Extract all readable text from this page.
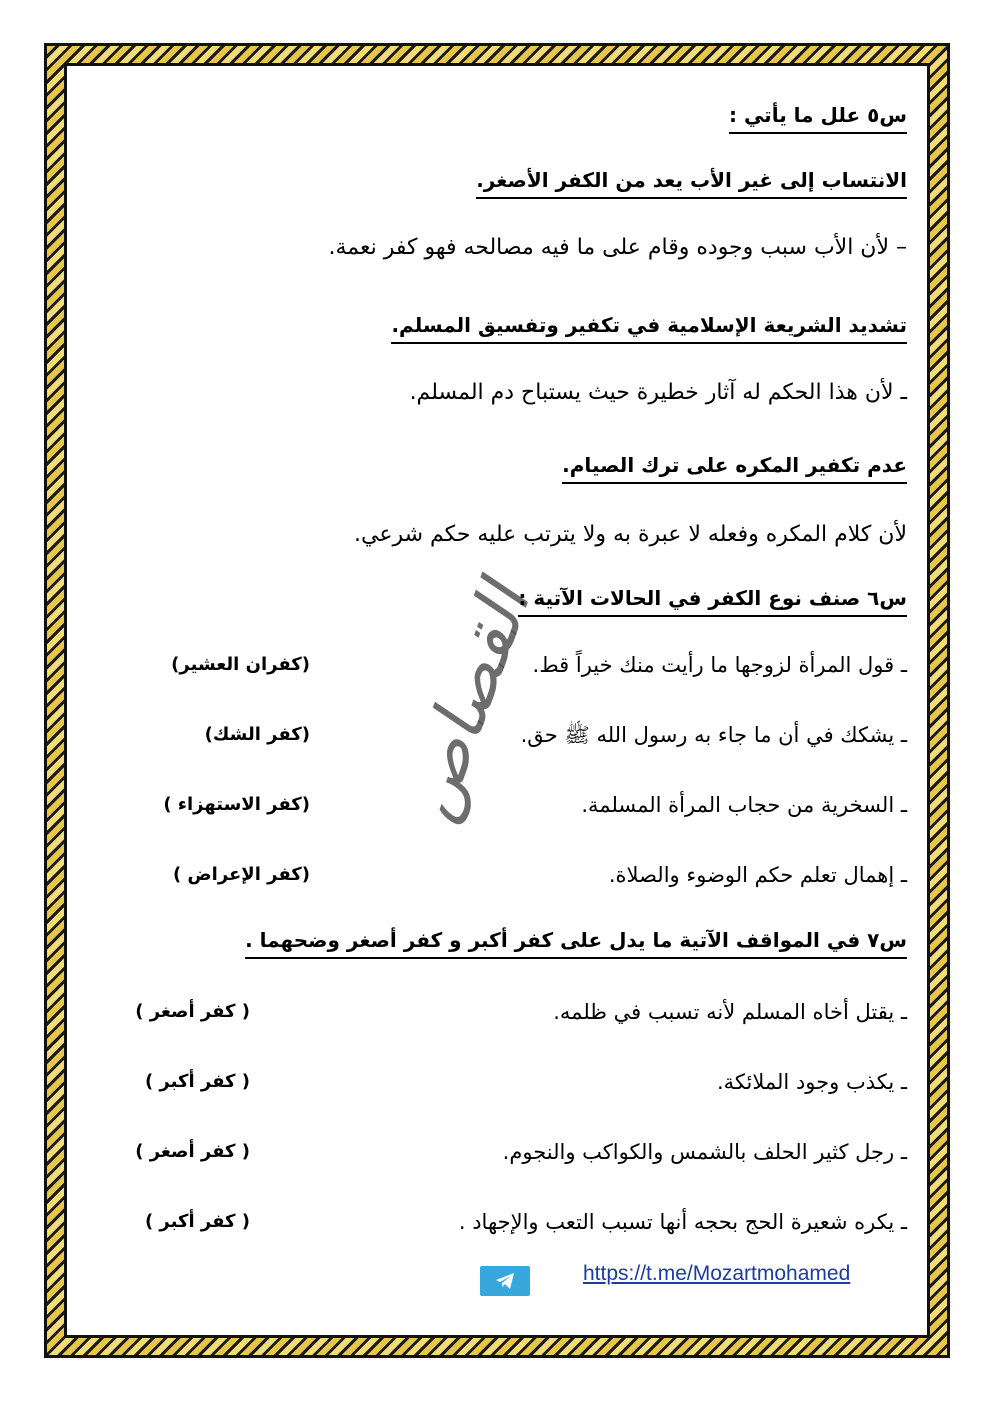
القصاص
س٥ علل ما يأتي :
الانتساب إلى غير الأب يعد من الكفر الأصغر.
– لأن الأب سبب وجوده وقام على ما فيه مصالحه فهو كفر نعمة.
تشديد الشريعة الإسلامية في تكفير وتفسيق المسلم.
ـ لأن هذا الحكم له آثار خطيرة حيث يستباح دم المسلم.
عدم تكفير المكره على ترك الصيام.
لأن كلام المكره وفعله لا عبرة به ولا يترتب عليه حكم شرعي.
س٦ صنف نوع الكفر في الحالات الآتية :
ـ قول المرأة لزوجها ما رأيت منك خيراً قط.
(كفران العشير)
ـ يشكك في أن ما جاء به رسول الله ﷺ حق.
(كفر الشك)
ـ السخرية من حجاب المرأة المسلمة.
(كفر الاستهزاء )
ـ إهمال تعلم حكم الوضوء والصلاة.
(كفر الإعراض )
س٧ في المواقف الآتية ما يدل على كفر أكبر و كفر أصغر وضحهما .
ـ يقتل أخاه المسلم لأنه تسبب في ظلمه.
( كفر أصغر )
ـ يكذب وجود الملائكة.
( كفر أكبر )
ـ رجل كثير الحلف بالشمس والكواكب والنجوم.
( كفر أصغر )
ـ يكره شعيرة الحج بحجه أنها تسبب التعب والإجهاد .
( كفر أكبر )
https://t.me/Mozartmohamed
